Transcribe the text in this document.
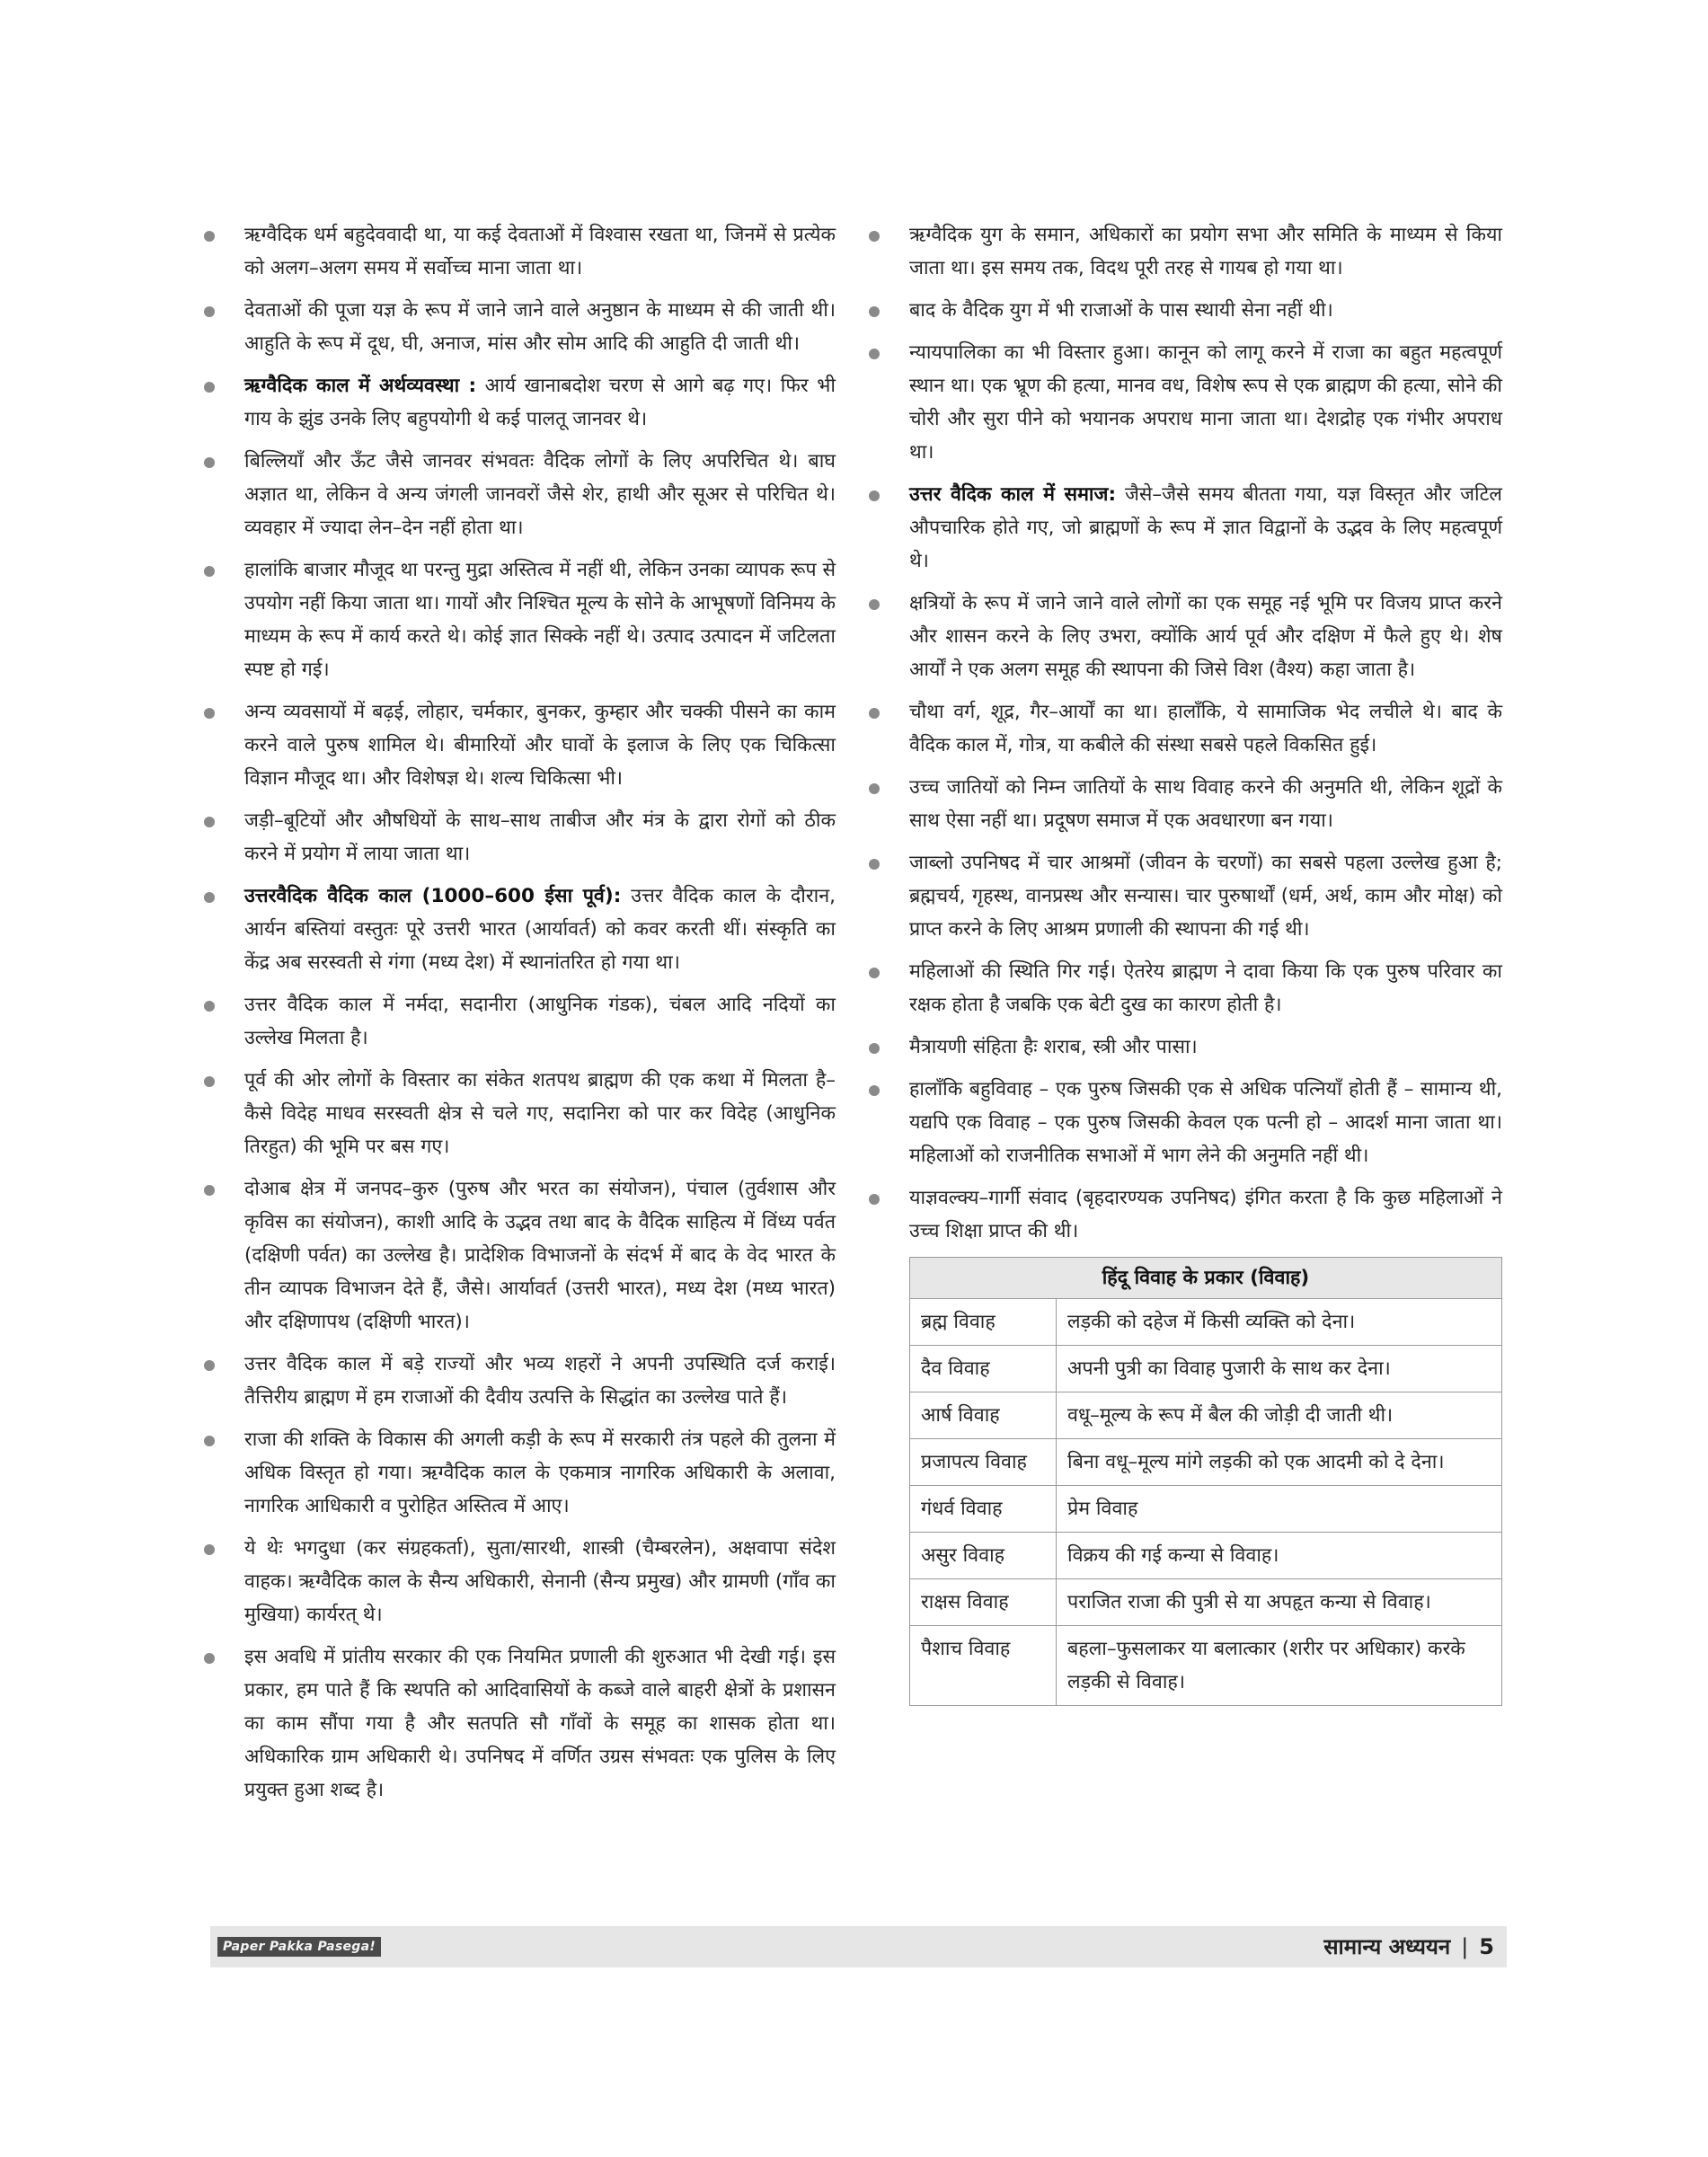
ऋग्वैदिक धर्म बहुदेववादी था, या कई देवताओं में विश्वास रखता था, जिनमें से प्रत्येक को अलग–अलग समय में सर्वोच्च माना जाता था।
देवताओं की पूजा यज्ञ के रूप में जाने जाने वाले अनुष्ठान के माध्यम से की जाती थी। आहुति के रूप में दूध, घी, अनाज, मांस और सोम आदि की आहुति दी जाती थी।
ऋग्वैदिक काल में अर्थव्यवस्था : आर्य खानाबदोश चरण से आगे बढ़ गए। फिर भी गाय के झुंड उनके लिए बहुपयोगी थे कई पालतू जानवर थे।
बिल्लियाँ और ऊँट जैसे जानवर संभवतः वैदिक लोगों के लिए अपरिचित थे। बाघ अज्ञात था, लेकिन वे अन्य जंगली जानवरों जैसे शेर, हाथी और सूअर से परिचित थे। व्यवहार में ज्यादा लेन–देन नहीं होता था।
हालांकि बाजार मौजूद था परन्तु मुद्रा अस्तित्व में नहीं थी, लेकिन उनका व्यापक रूप से उपयोग नहीं किया जाता था। गायों और निश्चित मूल्य के सोने के आभूषणों विनिमय के माध्यम के रूप में कार्य करते थे। कोई ज्ञात सिक्के नहीं थे। उत्पाद उत्पादन में जटिलता स्पष्ट हो गई।
अन्य व्यवसायों में बढ़ई, लोहार, चर्मकार, बुनकर, कुम्हार और चक्की पीसने का काम करने वाले पुरुष शामिल थे। बीमारियों और घावों के इलाज के लिए एक चिकित्सा विज्ञान मौजूद था। और विशेषज्ञ थे। शल्य चिकित्सा भी।
जड़ी–बूटियों और औषधियों के साथ–साथ ताबीज और मंत्र के द्वारा रोगों को ठीक करने में प्रयोग में लाया जाता था।
उत्तरवैदिक वैदिक काल (1000–600 ईसा पूर्व): उत्तर वैदिक काल के दौरान, आर्यन बस्तियां वस्तुतः पूरे उत्तरी भारत (आर्यावर्त) को कवर करती थीं। संस्कृति का केंद्र अब सरस्वती से गंगा (मध्य देश) में स्थानांतरित हो गया था।
उत्तर वैदिक काल में नर्मदा, सदानीरा (आधुनिक गंडक), चंबल आदि नदियों का उल्लेख मिलता है।
पूर्व की ओर लोगों के विस्तार का संकेत शतपथ ब्राह्मण की एक कथा में मिलता है– कैसे विदेह माधव सरस्वती क्षेत्र से चले गए, सदानिरा को पार कर विदेह (आधुनिक तिरहुत) की भूमि पर बस गए।
दोआब क्षेत्र में जनपद–कुरु (पुरुष और भरत का संयोजन), पंचाल (तुर्वशास और कृविस का संयोजन), काशी आदि के उद्भव तथा बाद के वैदिक साहित्य में विंध्य पर्वत (दक्षिणी पर्वत) का उल्लेख है। प्रादेशिक विभाजनों के संदर्भ में बाद के वेद भारत के तीन व्यापक विभाजन देते हैं, जैसे। आर्यावर्त (उत्तरी भारत), मध्य देश (मध्य भारत) और दक्षिणापथ (दक्षिणी भारत)।
उत्तर वैदिक काल में बड़े राज्यों और भव्य शहरों ने अपनी उपस्थिति दर्ज कराई। तैत्तिरीय ब्राह्मण में हम राजाओं की दैवीय उत्पत्ति के सिद्धांत का उल्लेख पाते हैं।
राजा की शक्ति के विकास की अगली कड़ी के रूप में सरकारी तंत्र पहले की तुलना में अधिक विस्तृत हो गया। ऋग्वैदिक काल के एकमात्र नागरिक अधिकारी के अलावा, नागरिक आधिकारी व पुरोहित अस्तित्व में आए।
ये थेः भगदुधा (कर संग्रहकर्ता), सुता/सारथी, शास्त्री (चैम्बरलेन), अक्षवापा संदेश वाहक। ऋग्वैदिक काल के सैन्य अधिकारी, सेनानी (सैन्य प्रमुख) और ग्रामणी (गाँव का मुखिया) कार्यरत् थे।
इस अवधि में प्रांतीय सरकार की एक नियमित प्रणाली की शुरुआत भी देखी गई। इस प्रकार, हम पाते हैं कि स्थपति को आदिवासियों के कब्जे वाले बाहरी क्षेत्रों के प्रशासन का काम सौंपा गया है और सतपति सौ गाँवों के समूह का शासक होता था। अधिकारिक ग्राम अधिकारी थे। उपनिषद में वर्णित उग्रस संभवतः एक पुलिस के लिए प्रयुक्त हुआ शब्द है।
ऋग्वैदिक युग के समान, अधिकारों का प्रयोग सभा और समिति के माध्यम से किया जाता था। इस समय तक, विदथ पूरी तरह से गायब हो गया था।
बाद के वैदिक युग में भी राजाओं के पास स्थायी सेना नहीं थी।
न्यायपालिका का भी विस्तार हुआ। कानून को लागू करने में राजा का बहुत महत्वपूर्ण स्थान था। एक भ्रूण की हत्या, मानव वध, विशेष रूप से एक ब्राह्मण की हत्या, सोने की चोरी और सुरा पीने को भयानक अपराध माना जाता था। देशद्रोह एक गंभीर अपराध था।
उत्तर वैदिक काल में समाज: जैसे–जैसे समय बीतता गया, यज्ञ विस्तृत और जटिल औपचारिक होते गए, जो ब्राह्मणों के रूप में ज्ञात विद्वानों के उद्भव के लिए महत्वपूर्ण थे।
क्षत्रियों के रूप में जाने जाने वाले लोगों का एक समूह नई भूमि पर विजय प्राप्त करने और शासन करने के लिए उभरा, क्योंकि आर्य पूर्व और दक्षिण में फैले हुए थे। शेष आर्यों ने एक अलग समूह की स्थापना की जिसे विश (वैश्य) कहा जाता है।
चौथा वर्ग, शूद्र, गैर–आर्यों का था। हालाँकि, ये सामाजिक भेद लचीले थे। बाद के वैदिक काल में, गोत्र, या कबीले की संस्था सबसे पहले विकसित हुई।
उच्च जातियों को निम्न जातियों के साथ विवाह करने की अनुमति थी, लेकिन शूद्रों के साथ ऐसा नहीं था। प्रदूषण समाज में एक अवधारणा बन गया।
जाब्लो उपनिषद में चार आश्रमों (जीवन के चरणों) का सबसे पहला उल्लेख हुआ है; ब्रह्मचर्य, गृहस्थ, वानप्रस्थ और सन्यास। चार पुरुषार्थों (धर्म, अर्थ, काम और मोक्ष) को प्राप्त करने के लिए आश्रम प्रणाली की स्थापना की गई थी।
महिलाओं की स्थिति गिर गई। ऐतरेय ब्राह्मण ने दावा किया कि एक पुरुष परिवार का रक्षक होता है जबकि एक बेटी दुख का कारण होती है।
मैत्रायणी संहिता हैः शराब, स्त्री और पासा।
हालाँकि बहुविवाह – एक पुरुष जिसकी एक से अधिक पत्नियाँ होती हैं – सामान्य थी, यद्यपि एक विवाह – एक पुरुष जिसकी केवल एक पत्नी हो – आदर्श माना जाता था। महिलाओं को राजनीतिक सभाओं में भाग लेने की अनुमति नहीं थी।
याज्ञवल्क्य–गार्गी संवाद (बृहदारण्यक उपनिषद) इंगित करता है कि कुछ महिलाओं ने उच्च शिक्षा प्राप्त की थी।
हिंदू विवाह के प्रकार (विवाह)	
ब्रह्म विवाह	लड़की को दहेज में किसी व्यक्ति को देना।
दैव विवाह	अपनी पुत्री का विवाह पुजारी के साथ कर देना।
आर्ष विवाह	वधू–मूल्य के रूप में बैल की जोड़ी दी जाती थी।
प्रजापत्य विवाह	बिना वधू–मूल्य मांगे लड़की को एक आदमी को दे देना।
गंधर्व विवाह	प्रेम विवाह
असुर विवाह	विक्रय की गई कन्या से विवाह।
राक्षस विवाह	पराजित राजा की पुत्री से या अपहृत कन्या से विवाह।
पैशाच विवाह	बहला–फुसलाकर या बलात्कार (शरीर पर अधिकार) करके लड़की से विवाह।
Paper Pakka Pasega!	सामान्य अध्ययन | 5
